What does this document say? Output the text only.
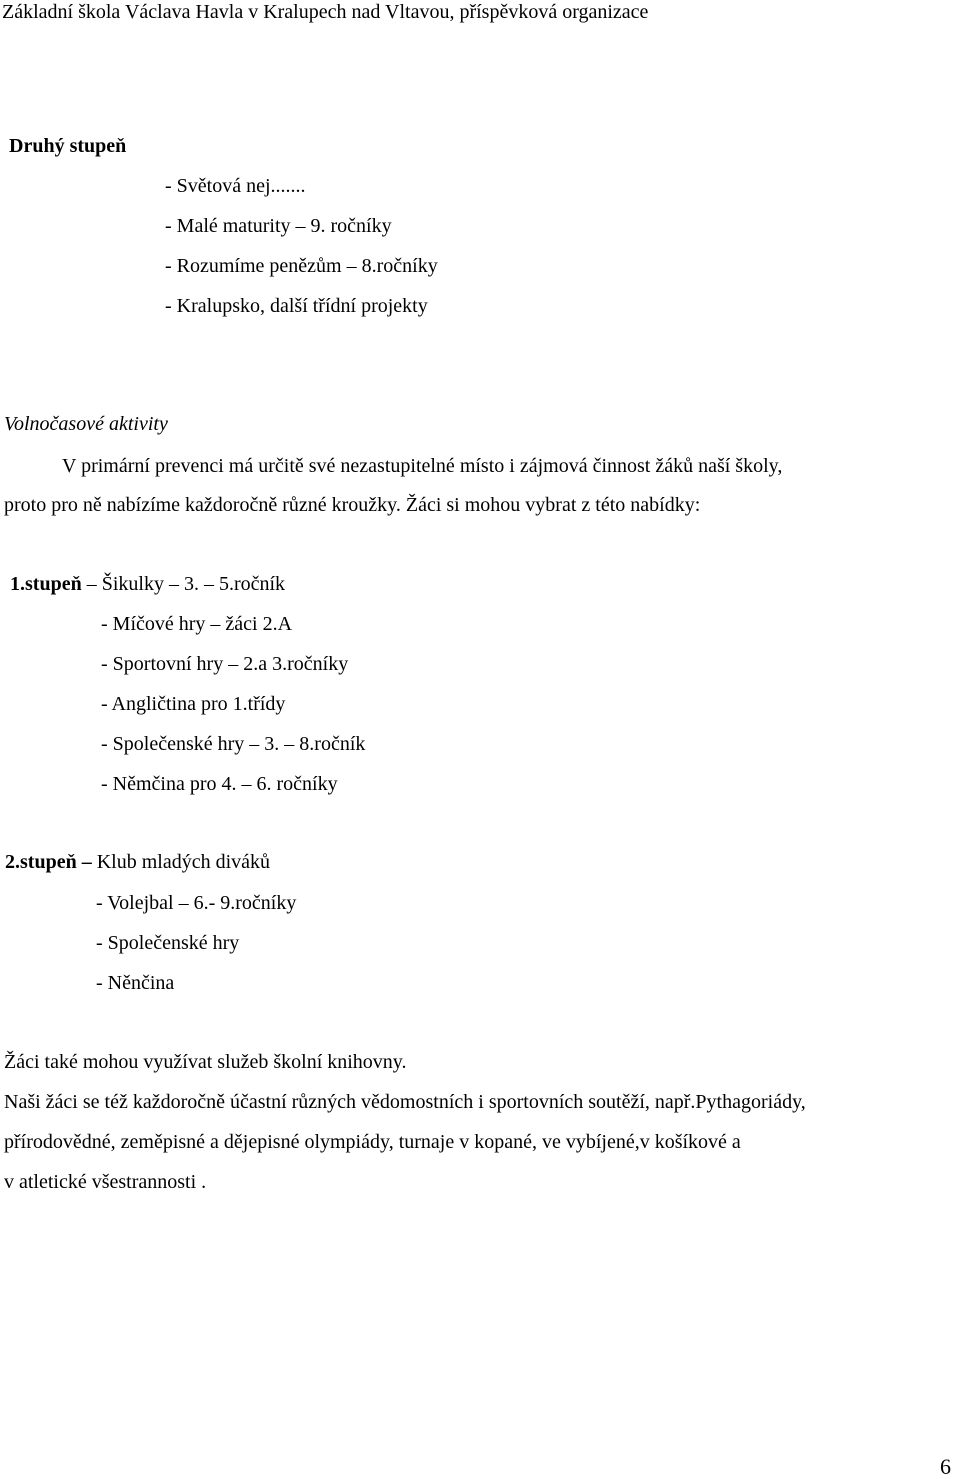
Základní škola Václava Havla v Kralupech nad Vltavou, příspěvková organizace
Druhý stupeň
- Světová nej.......
- Malé maturity – 9. ročníky
- Rozumíme penězům – 8.ročníky
- Kralupsko, další třídní projekty
Volnočasové aktivity
V primární prevenci má určitě své nezastupitelné místo i zájmová činnost žáků naší školy,
proto pro ně nabízíme každoročně různé kroužky. Žáci si mohou vybrat z této nabídky:
1.stupeň – Šikulky – 3. – 5.ročník
- Míčové hry – žáci 2.A
- Sportovní hry – 2.a 3.ročníky
- Angličtina pro 1.třídy
- Společenské hry – 3. – 8.ročník
- Němčina pro 4. – 6. ročníky
2.stupeň – Klub mladých diváků
- Volejbal – 6.- 9.ročníky
- Společenské hry
- Něnčina
Žáci také mohou využívat služeb školní knihovny.
Naši žáci se též každoročně účastní různých vědomostních i sportovních soutěží, např.Pythagoriády,
přírodovědné, zeměpisné a dějepisné olympiády, turnaje v kopané, ve vybíjené,v košíkové a
v atletické všestrannosti .
6
